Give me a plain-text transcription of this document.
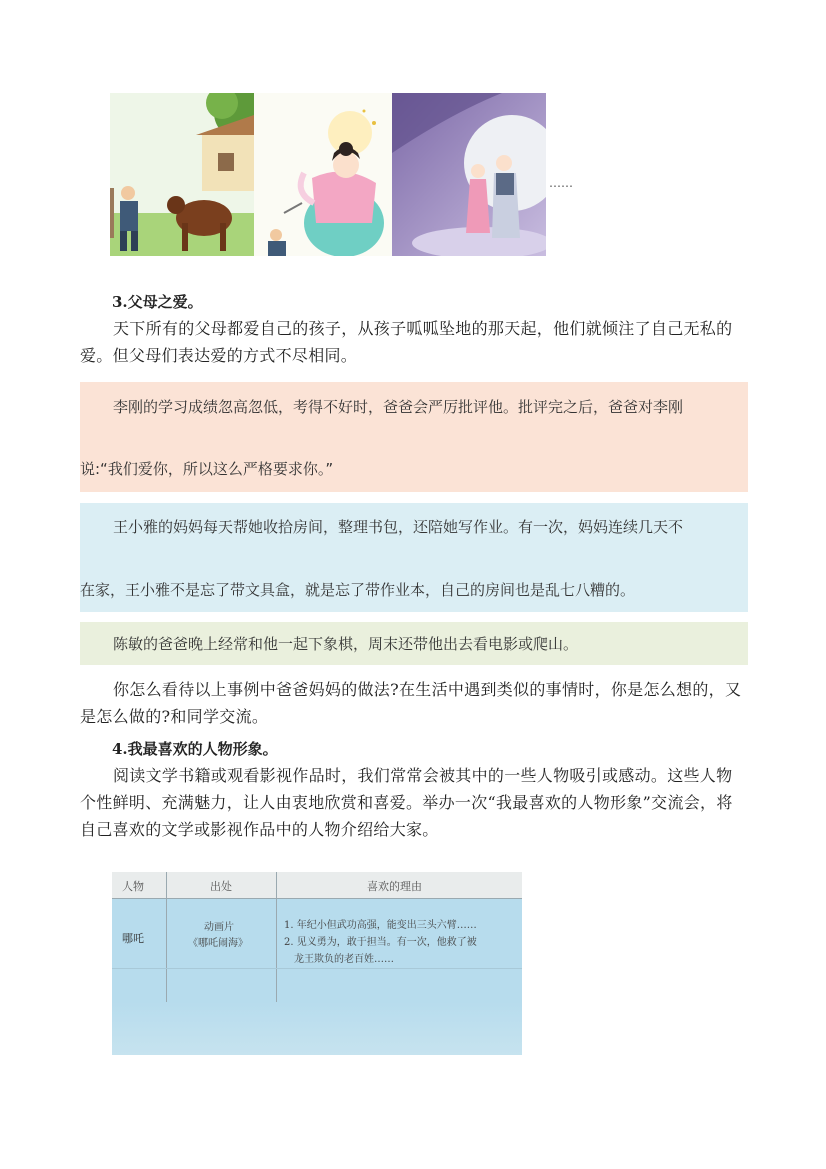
……
3.父母之爱。
天下所有的父母都爱自己的孩子，从孩子呱呱坠地的那天起，他们就倾注了自己无私的爱。但父母们表达爱的方式不尽相同。

李刚的学习成绩忽高忽低，考得不好时，爸爸会严厉批评他。批评完之后，爸爸对李刚

说:“我们爱你，所以这么严格要求你。”

王小雅的妈妈每天帮她收拾房间，整理书包，还陪她写作业。有一次，妈妈连续几天不

在家，王小雅不是忘了带文具盒，就是忘了带作业本，自己的房间也是乱七八糟的。

陈敏的爸爸晚上经常和他一起下象棋，周末还带他出去看电影或爬山。

你怎么看待以上事例中爸爸妈妈的做法?在生活中遇到类似的事情时，你是怎么想的，又是怎么做的?和同学交流。
4.我最喜欢的人物形象。
阅读文学书籍或观看影视作品时，我们常常会被其中的一些人物吸引或感动。这些人物个性鲜明、充满魅力，让人由衷地欣赏和喜爱。举办一次“我最喜欢的人物形象”交流会，将自己喜欢的文学或影视作品中的人物介绍给大家。
人物	出处	喜欢的理由
哪吒
动画片
《哪吒闹海》
1. 年纪小但武功高强，能变出三头六臂……
2. 见义勇为，敢于担当。有一次，他救了被
龙王欺负的老百姓……
